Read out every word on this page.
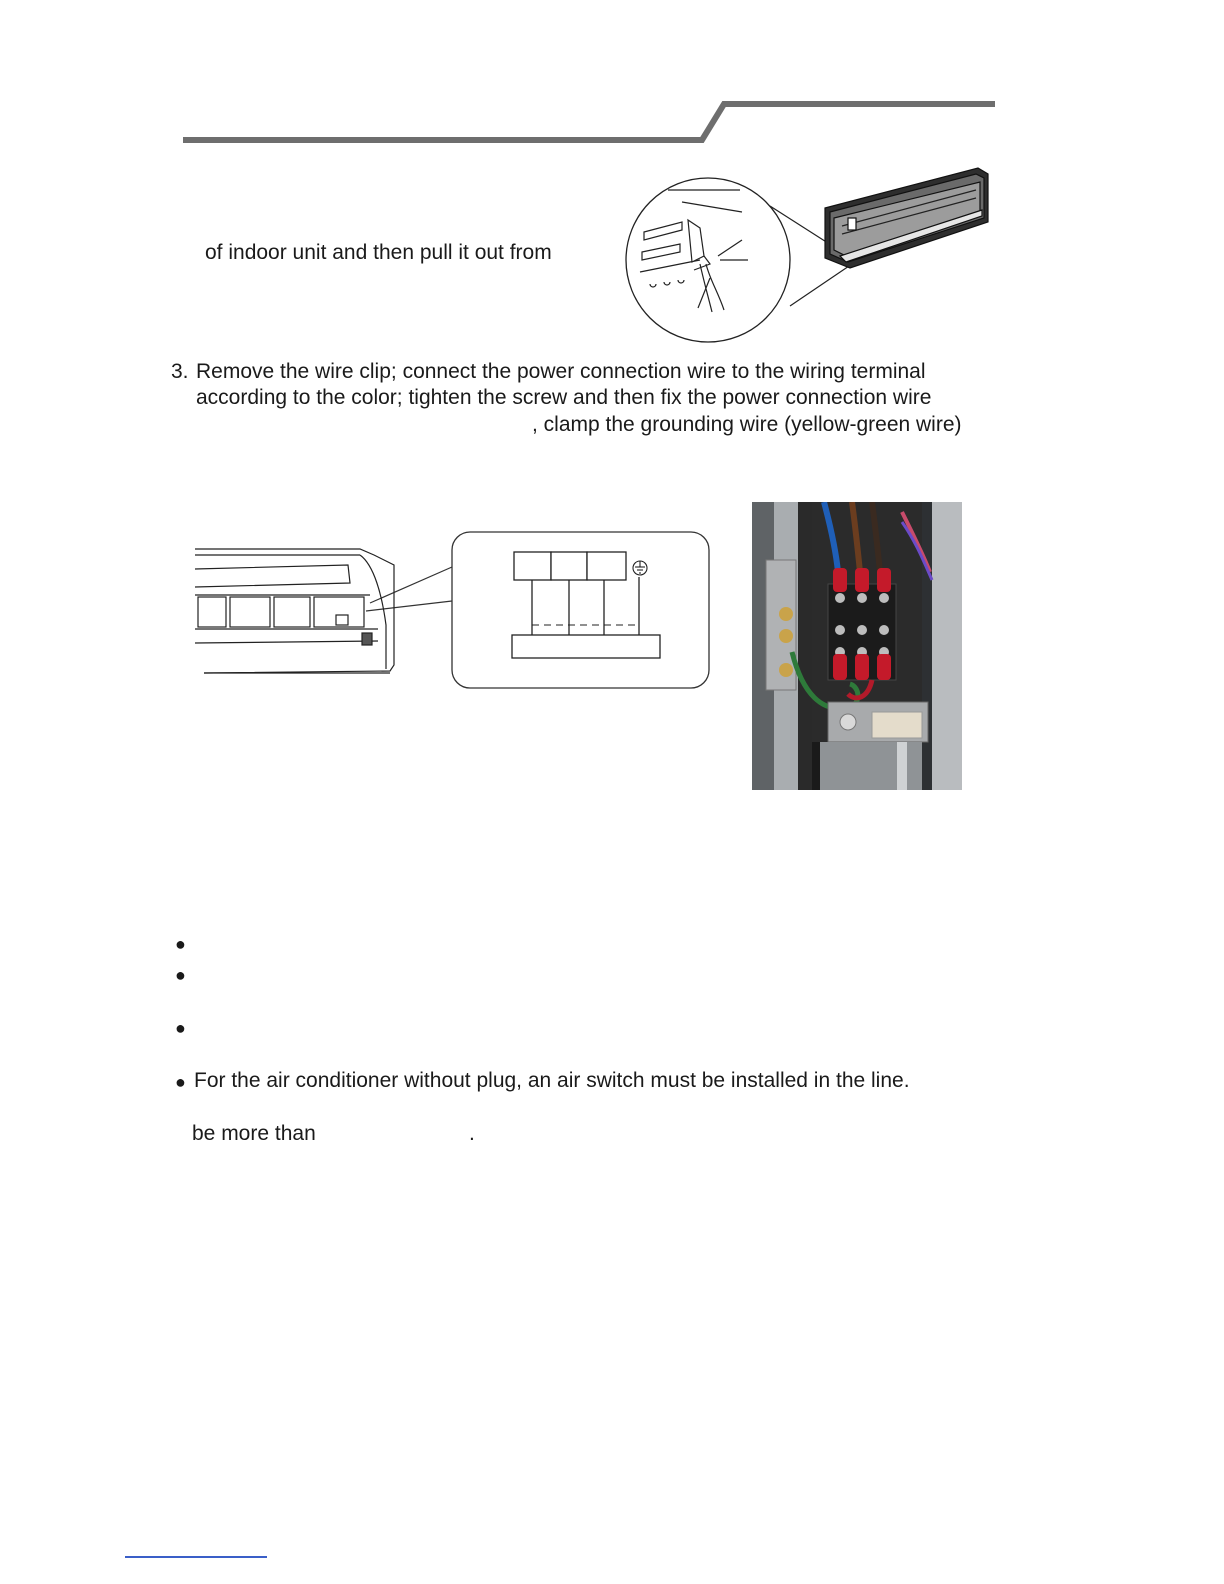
of indoor unit and then pull it out from
3. Remove the wire clip; connect the power connection wire to the wiring terminal
according to the color; tighten the screw and then fix the power connection wire
, clamp the grounding wire (yellow-green wire)
●
●
●
● For the air conditioner without plug, an air switch must be installed in the line.
be more than	.
